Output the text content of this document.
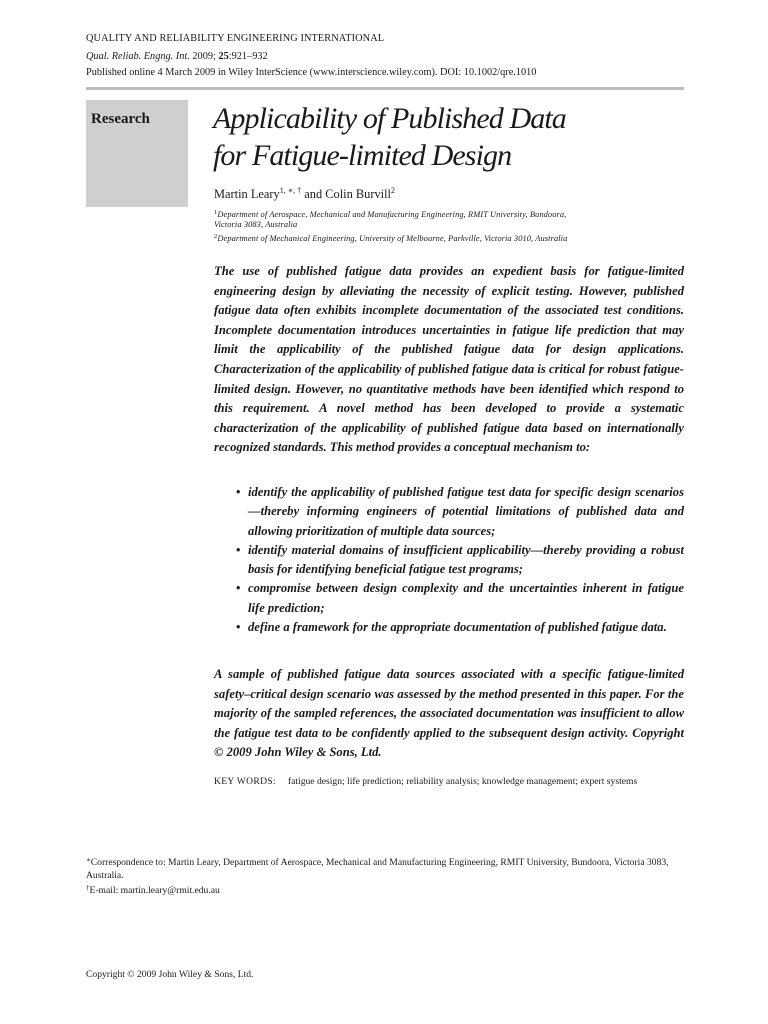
QUALITY AND RELIABILITY ENGINEERING INTERNATIONAL
Qual. Reliab. Engng. Int. 2009; 25:921–932
Published online 4 March 2009 in Wiley InterScience (www.interscience.wiley.com). DOI: 10.1002/qre.1010
Research Applicability of Published Data
for Fatigue-limited Design
Martin Leary$^{1, ∗, \dagger}$ and Colin Burvill$^2$
$^1$Department of Aerospace, Mechanical and Manufacturing Engineering, RMIT University, Bundoora,
Victoria 3083, Australia
$^2$Department of Mechanical Engineering, University of Melbourne, Parkville, Victoria 3010, Australia

The use of published fatigue data provides an expedient basis for fatigue-limited engineering design by alleviating the necessity of explicit testing. However, published fatigue data often exhibits incomplete documentation of the associated test conditions. Incomplete documentation introduces uncertainties in fatigue life prediction that may limit the applicability of the published fatigue data for design applications. Characterization of the applicability of published fatigue data is critical for robust fatigue-limited design. However, no quantitative methods have been identified which respond to this requirement. A novel method has been developed to provide a systematic characterization of the applicability of published fatigue data based on internationally recognized standards. This method provides a conceptual mechanism to:

• identify the applicability of published fatigue test data for specific design scenarios—thereby informing engineers of potential limitations of published data and allowing prioritization of multiple data sources;
• identify material domains of insufficient applicability—thereby providing a robust basis for identifying beneficial fatigue test programs;
• compromise between design complexity and the uncertainties inherent in fatigue life prediction;
• define a framework for the appropriate documentation of published fatigue data.

A sample of published fatigue data sources associated with a specific fatigue-limited safety–critical design scenario was assessed by the method presented in this paper. For the majority of the sampled references, the associated documentation was insufficient to allow the fatigue test data to be confidently applied to the subsequent design activity. Copyright © 2009 John Wiley & Sons, Ltd.

KEY WORDS: fatigue design; life prediction; reliability analysis; knowledge management; expert systems
∗Correspondence to: Martin Leary, Department of Aerospace, Mechanical and Manufacturing Engineering, RMIT University, Bundoora, Victoria 3083, Australia.
†E-mail: martin.leary@rmit.edu.au
Copyright © 2009 John Wiley & Sons, Ltd.
